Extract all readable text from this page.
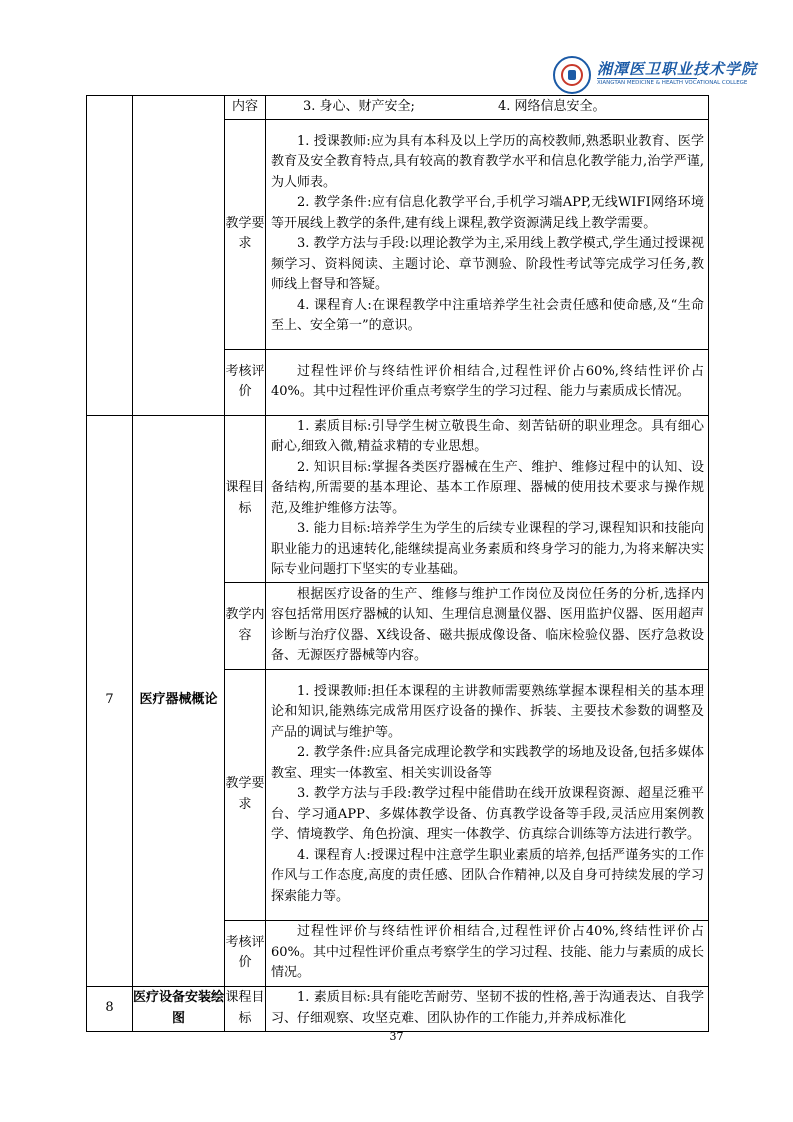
湘潭医卫职业技术学院
XIANGTAN MEDICINE & HEALTH VOCATIONAL COLLEGE
		内容	3. 身心、财产安全; 4. 网络信息安全。

		教学要求	1. 授课教师:应为具有本科及以上学历的高校教师,熟悉职业教育、医学教育及安全教育特点,具有较高的教育教学水平和信息化教学能力,治学严谨,为人师表。

2. 教学条件:应有信息化教学平台,手机学习端APP,无线WIFI网络环境等开展线上教学的条件,建有线上课程,教学资源满足线上教学需要。

3. 教学方法与手段:以理论教学为主,采用线上教学模式,学生通过授课视频学习、资料阅读、主题讨论、章节测验、阶段性考试等完成学习任务,教师线上督导和答疑。

4. 课程育人:在课程教学中注重培养学生社会责任感和使命感,及“生命至上、安全第一”的意识。

		考核评价	过程性评价与终结性评价相结合,过程性评价占60%,终结性评价占40%。其中过程性评价重点考察学生的学习过程、能力与素质成长情况。

7	医疗器械概论	课程目标	1. 素质目标:引导学生树立敬畏生命、刻苦钻研的职业理念。具有细心耐心,细致入微,精益求精的专业思想。

2. 知识目标:掌握各类医疗器械在生产、维护、维修过程中的认知、设备结构,所需要的基本理论、基本工作原理、器械的使用技术要求与操作规范,及维护维修方法等。

3. 能力目标:培养学生为学生的后续专业课程的学习,课程知识和技能向职业能力的迅速转化,能继续提高业务素质和终身学习的能力,为将来解决实际专业问题打下坚实的专业基础。

		教学内容	根据医疗设备的生产、维修与维护工作岗位及岗位任务的分析,选择内容包括常用医疗器械的认知、生理信息测量仪器、医用监护仪器、医用超声诊断与治疗仪器、X线设备、磁共振成像设备、临床检验仪器、医疗急救设备、无源医疗器械等内容。

		教学要求	1. 授课教师:担任本课程的主讲教师需要熟练掌握本课程相关的基本理论和知识,能熟练完成常用医疗设备的操作、拆装、主要技术参数的调整及产品的调试与维护等。

2. 教学条件:应具备完成理论教学和实践教学的场地及设备,包括多媒体教室、理实一体教室、相关实训设备等

3. 教学方法与手段:教学过程中能借助在线开放课程资源、超星泛雅平台、学习通APP、多媒体教学设备、仿真教学设备等手段,灵活应用案例教学、情境教学、角色扮演、理实一体教学、仿真综合训练等方法进行教学。

4. 课程育人:授课过程中注意学生职业素质的培养,包括严谨务实的工作作风与工作态度,高度的责任感、团队合作精神,以及自身可持续发展的学习探索能力等。

		考核评价	过程性评价与终结性评价相结合,过程性评价占40%,终结性评价占60%。其中过程性评价重点考察学生的学习过程、技能、能力与素质的成长情况。

8	医疗设备安装绘图	课程目标	1. 素质目标:具有能吃苦耐劳、坚韧不拔的性格,善于沟通表达、自我学习、仔细观察、攻坚克难、团队协作的工作能力,并养成标准化

37
